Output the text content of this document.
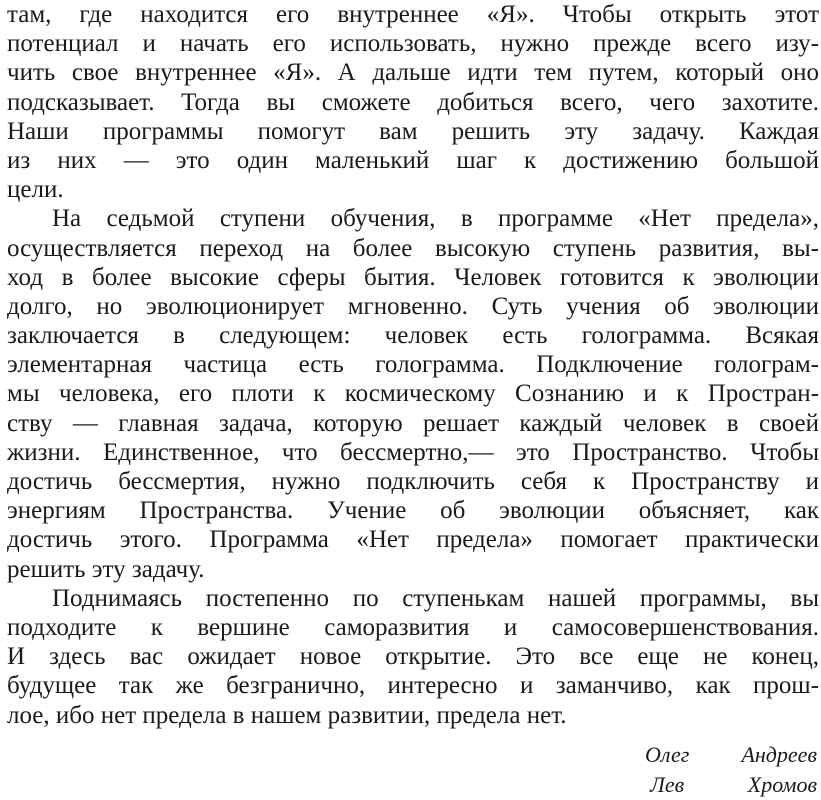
там, где находится его внутреннее «Я». Чтобы открыть этот
потенциал и начать его использовать, нужно прежде всего изу-
чить свое внутреннее «Я». А дальше идти тем путем, который оно
подсказывает. Тогда вы сможете добиться всего, чего захотите.
Наши программы помогут вам решить эту задачу. Каждая
из них — это один маленький шаг к достижению большой
цели.
На седьмой ступени обучения, в программе «Нет предела»,
осуществляется переход на более высокую ступень развития, вы-
ход в более высокие сферы бытия. Человек готовится к эволюции
долго, но эволюционирует мгновенно. Суть учения об эволюции
заключается в следующем: человек есть голограмма. Всякая
элементарная частица есть голограмма. Подключение голограм-
мы человека, его плоти к космическому Сознанию и к Простран-
ству — главная задача, которую решает каждый человек в своей
жизни. Единственное, что бессмертно,— это Пространство. Чтобы
достичь бессмертия, нужно подключить себя к Пространству и
энергиям Пространства. Учение об эволюции объясняет, как
достичь этого. Программа «Нет предела» помогает практически
решить эту задачу.
Поднимаясь постепенно по ступенькам нашей программы, вы
подходите к вершине саморазвития и самосовершенствования.
И здесь вас ожидает новое открытие. Это все еще не конец,
будущее так же безгранично, интересно и заманчиво, как прош-
лое, ибо нет предела в нашем развитии, предела нет.
Олег Андреев
Лев	Хромов
